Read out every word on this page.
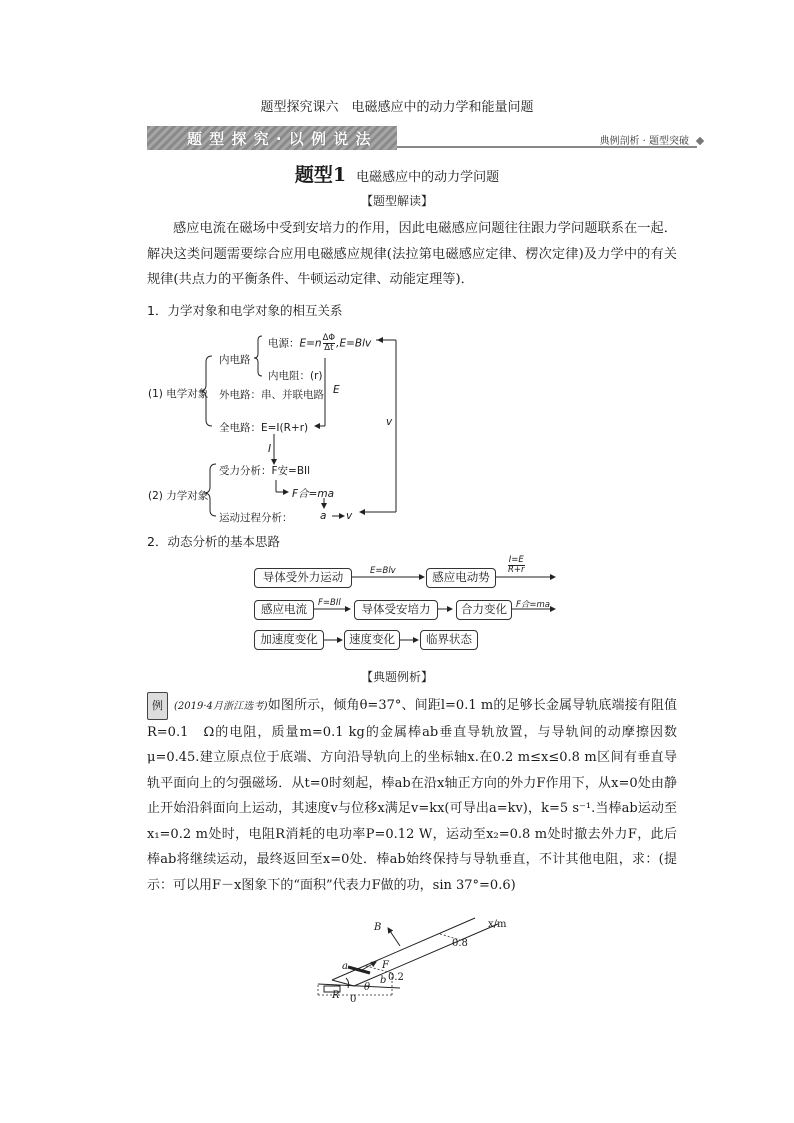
题型探究课六　电磁感应中的动力学和能量问题
题 型 探 究 · 以 例 说 法	典例剖析 · 题型突破
题型1 电磁感应中的动力学问题
【题型解读】
感应电流在磁场中受到安培力的作用，因此电磁感应问题往往跟力学问题联系在一起．解决这类问题需要综合应用电磁感应规律(法拉第电磁感应定律、楞次定律)及力学中的有关规律(共点力的平衡条件、牛顿运动定律、动能定理等)．
1．力学对象和电学对象的相互关系
(1) 电学对象
(2) 力学对象
内电路
电源：$E=n \frac{\Delta\Phi}{\Delta t} ,E=Blv$
内电阻：(r)
外电路：串、并联电路
全电路：E=I(R+r)
E
I
v
受力分析：F安=BIl
F合=ma
运动过程分析：	a v
2．动态分析的基本思路
导体受外力运动	感应电动势
E=Blv	$\frac{I=E}{R+r}$
感应电流	导体受安培力	合力变化
F=BIl	F合=ma
加速度变化	速度变化	临界状态
【典题例析】
例 (2019·4月浙江选考)如图所示，倾角θ=37°、间距l=0.1 m的足够长金属导轨底端接有阻值R=0.1　Ω的电阻，质量m=0.1 kg的金属棒ab垂直导轨放置，与导轨间的动摩擦因数μ=0.45.建立原点位于底端、方向沿导轨向上的坐标轴x.在0.2 m≤x≤0.8 m区间有垂直导轨平面向上的匀强磁场．从t=0时刻起，棒ab在沿x轴正方向的外力F作用下，从x=0处由静止开始沿斜面向上运动，其速度v与位移x满足v=kx(可导出a=kv)，k=5 s⁻¹.当棒ab运动至x₁=0.2 m处时，电阻R消耗的电功率P=0.12 W，运动至x₂=0.8 m处时撤去外力F，此后棒ab将继续运动，最终返回至x=0处．棒ab始终保持与导轨垂直，不计其他电阻，求：(提示：可以用F－x图象下的“面积”代表力F做的功，sin 37°=0.6)
B	x/m
0.8
F
a
b 0.2
θ
R 0
